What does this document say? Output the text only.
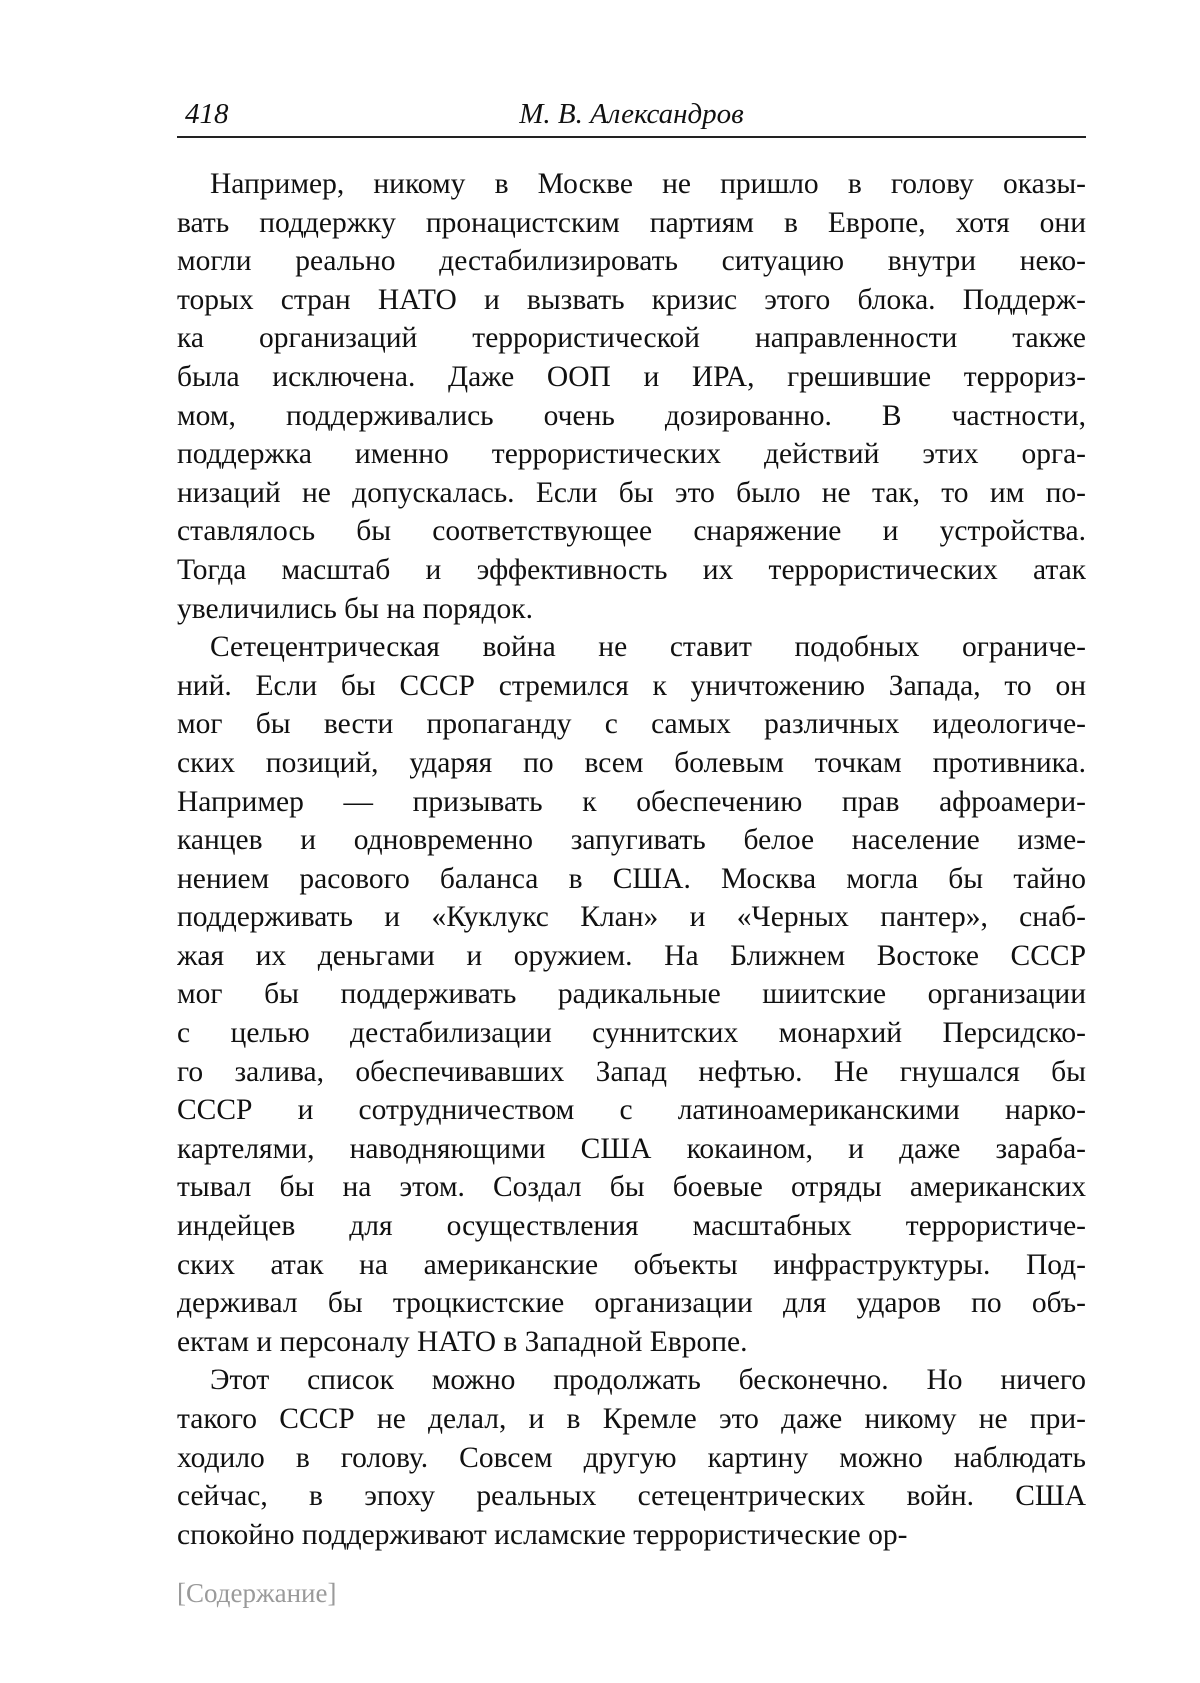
418	М. В. Александров
Например, никому в Москве не пришло в голову оказы-
вать поддержку пронацистским партиям в Европе, хотя они
могли реально дестабилизировать ситуацию внутри неко-
торых стран НАТО и вызвать кризис этого блока. Поддерж-
ка организаций террористической направленности также
была исключена. Даже ООП и ИРА, грешившие террориз-
мом, поддерживались очень дозированно. В частности,
поддержка именно террористических действий этих орга-
низаций не допускалась. Если бы это было не так, то им по-
ставлялось бы соответствующее снаряжение и устройства.
Тогда масштаб и эффективность их террористических атак
увеличились бы на порядок.
Сетецентрическая война не ставит подобных ограниче-
ний. Если бы СССР стремился к уничтожению Запада, то он
мог бы вести пропаганду с самых различных идеологиче-
ских позиций, ударяя по всем болевым точкам противника.
Например — призывать к обеспечению прав афроамери-
канцев и одновременно запугивать белое население изме-
нением расового баланса в США. Москва могла бы тайно
поддерживать и «Куклукс Клан» и «Черных пантер», снаб-
жая их деньгами и оружием. На Ближнем Востоке СССР
мог бы поддерживать радикальные шиитские организации
с целью дестабилизации суннитских монархий Персидско-
го залива, обеспечивавших Запад нефтью. Не гнушался бы
СССР и сотрудничеством с латиноамериканскими нарко-
картелями, наводняющими США кокаином, и даже зараба-
тывал бы на этом. Создал бы боевые отряды американских
индейцев для осуществления масштабных террористиче-
ских атак на американские объекты инфраструктуры. Под-
держивал бы троцкистские организации для ударов по объ-
ектам и персоналу НАТО в Западной Европе.
Этот список можно продолжать бесконечно. Но ничего
такого СССР не делал, и в Кремле это даже никому не при-
ходило в голову. Совсем другую картину можно наблюдать
сейчас, в эпоху реальных сетецентрических войн. США
спокойно поддерживают исламские террористические ор-
[Содержание]
